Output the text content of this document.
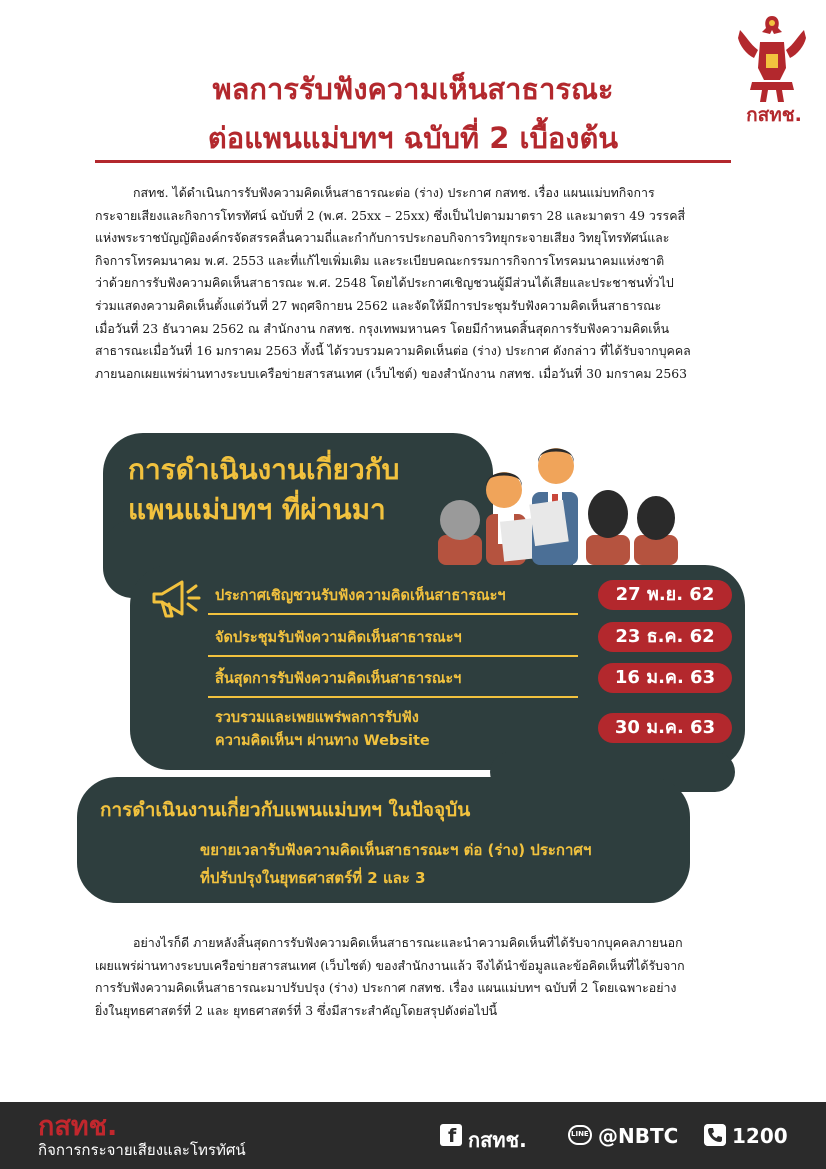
พลการรับฟังความเห็นสาธารณะ
ต่อแพนแม่บทฯ ฉบับที่ 2 เบื้องต้น
กสทช.
กสทช. ได้ดำเนินการรับฟังความคิดเห็นสาธารณะต่อ (ร่าง) ประกาศ กสทช. เรื่อง แผนแม่บทกิจการ
กระจายเสียงและกิจการโทรทัศน์ ฉบับที่ 2 (พ.ศ. 25xx – 25xx) ซึ่งเป็นไปตามมาตรา 28 และมาตรา 49 วรรคสี่
แห่งพระราชบัญญัติองค์กรจัดสรรคลื่นความถี่และกำกับการประกอบกิจการวิทยุกระจายเสียง วิทยุโทรทัศน์และ
กิจการโทรคมนาคม พ.ศ. 2553 และที่แก้ไขเพิ่มเติม และระเบียบคณะกรรมการกิจการโทรคมนาคมแห่งชาติ
ว่าด้วยการรับฟังความคิดเห็นสาธารณะ พ.ศ. 2548 โดยได้ประกาศเชิญชวนผู้มีส่วนได้เสียและประชาชนทั่วไป
ร่วมแสดงความคิดเห็นตั้งแต่วันที่ 27 พฤศจิกายน 2562 และจัดให้มีการประชุมรับฟังความคิดเห็นสาธารณะ
เมื่อวันที่ 23 ธันวาคม 2562 ณ สำนักงาน กสทช. กรุงเทพมหานคร โดยมีกำหนดสิ้นสุดการรับฟังความคิดเห็น
สาธารณะเมื่อวันที่ 16 มกราคม 2563 ทั้งนี้ ได้รวบรวมความคิดเห็นต่อ (ร่าง) ประกาศ ดังกล่าว ที่ได้รับจากบุคคล
ภายนอกเผยแพร่ผ่านทางระบบเครือข่ายสารสนเทศ (เว็บไซต์) ของสำนักงาน กสทช. เมื่อวันที่ 30 มกราคม 2563
การดำเนินงานเกี่ยวกับ
แพนแม่บทฯ ที่ผ่านมา
ประกาศเชิญชวนรับฟังความคิดเห็นสาธารณะฯ
จัดประชุมรับฟังความคิดเห็นสาธารณะฯ
สิ้นสุดการรับฟังความคิดเห็นสาธารณะฯ
รวบรวมและเพยแพร่พลการรับฟัง
ความคิดเห็นฯ ผ่านทาง Website
27 พ.ย. 62
23 ธ.ค. 62
16 ม.ค. 63
30 ม.ค. 63
การดำเนินงานเกี่ยวกับแพนแม่บทฯ ในปัจจุบัน
ขยายเวลารับฟังความคิดเห็นสาธารณะฯ ต่อ (ร่าง) ประกาศฯ
ที่ปรับปรุงในยุทธศาสตร์ที่ 2 และ 3
อย่างไรก็ดี ภายหลังสิ้นสุดการรับฟังความคิดเห็นสาธารณะและนำความคิดเห็นที่ได้รับจากบุคคลภายนอก
เผยแพร่ผ่านทางระบบเครือข่ายสารสนเทศ (เว็บไซต์) ของสำนักงานแล้ว จึงได้นำข้อมูลและข้อคิดเห็นที่ได้รับจาก
การรับฟังความคิดเห็นสาธารณะมาปรับปรุง (ร่าง) ประกาศ กสทช. เรื่อง แผนแม่บทฯ ฉบับที่ 2 โดยเฉพาะอย่าง
ยิ่งในยุทธศาสตร์ที่ 2 และ ยุทธศาสตร์ที่ 3 ซึ่งมีสาระสำคัญโดยสรุปดังต่อไปนี้
กสทช.
กิจการกระจายเสียงและโทรทัศน์
f กสทช.	LINE @NBTC	1200
